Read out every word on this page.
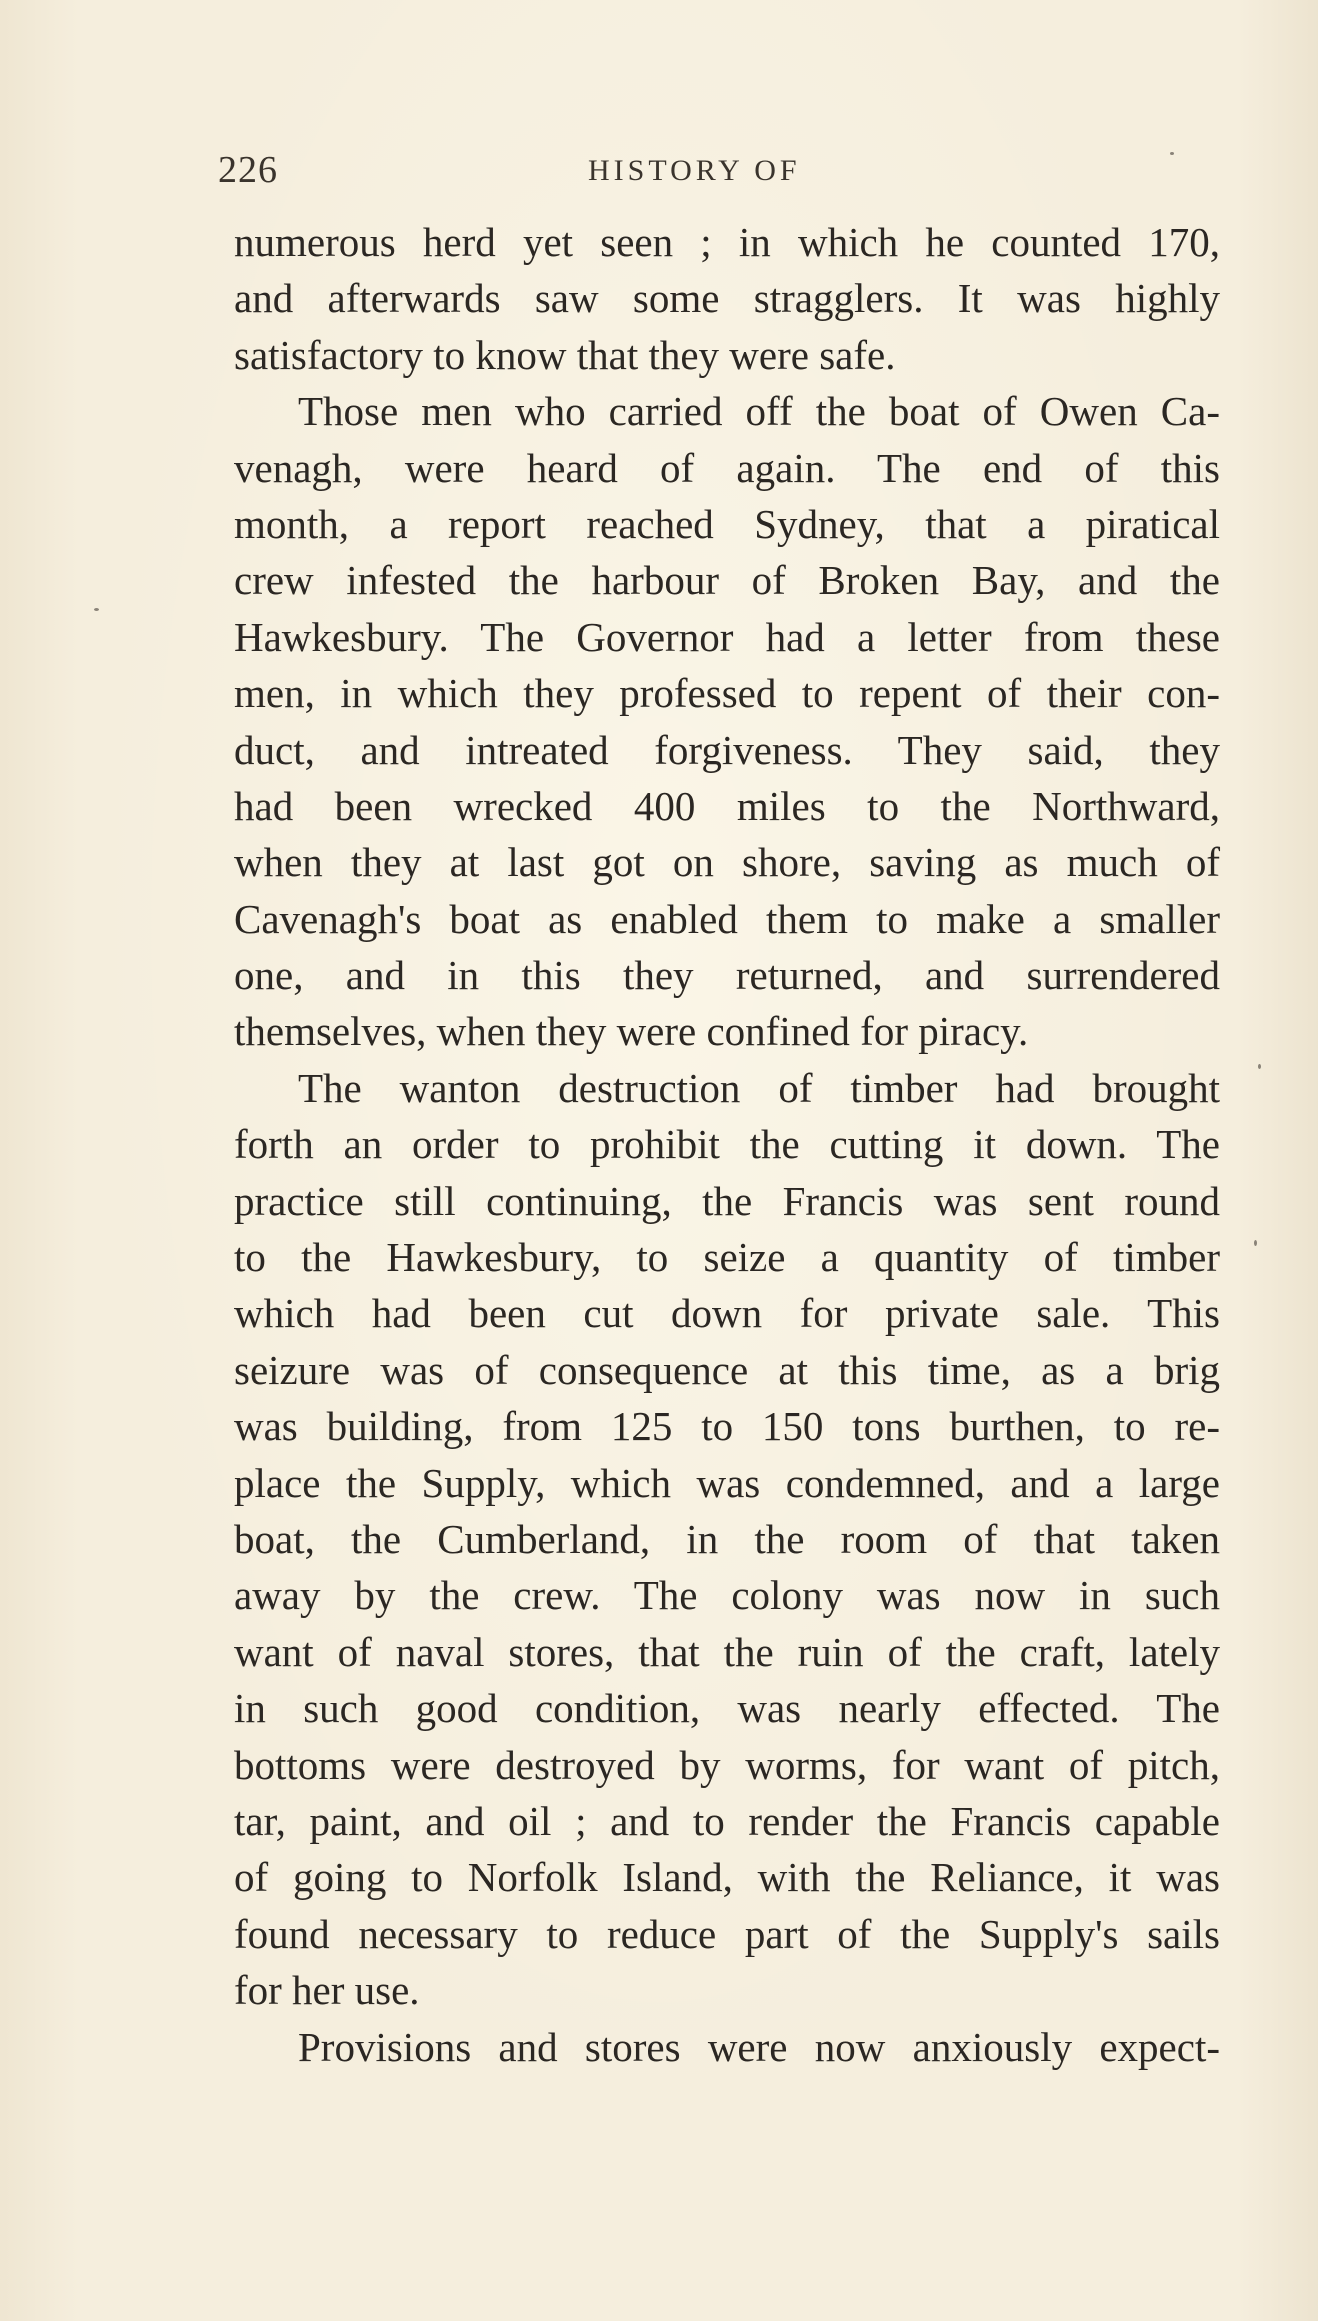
226	HISTORY OF
numerous herd yet seen ; in which he counted 170,
and afterwards saw some stragglers. It was highly
satisfactory to know that they were safe.
Those men who carried off the boat of Owen Ca-
venagh, were heard of again. The end of this
month, a report reached Sydney, that a piratical
crew infested the harbour of Broken Bay, and the
Hawkesbury. The Governor had a letter from these
men, in which they professed to repent of their con-
duct, and intreated forgiveness. They said, they
had been wrecked 400 miles to the Northward,
when they at last got on shore, saving as much of
Cavenagh's boat as enabled them to make a smaller
one, and in this they returned, and surrendered
themselves, when they were confined for piracy.
The wanton destruction of timber had brought
forth an order to prohibit the cutting it down. The
practice still continuing, the Francis was sent round
to the Hawkesbury, to seize a quantity of timber
which had been cut down for private sale. This
seizure was of consequence at this time, as a brig
was building, from 125 to 150 tons burthen, to re-
place the Supply, which was condemned, and a large
boat, the Cumberland, in the room of that taken
away by the crew. The colony was now in such
want of naval stores, that the ruin of the craft, lately
in such good condition, was nearly effected. The
bottoms were destroyed by worms, for want of pitch,
tar, paint, and oil ; and to render the Francis capable
of going to Norfolk Island, with the Reliance, it was
found necessary to reduce part of the Supply's sails
for her use.
Provisions and stores were now anxiously expect-
